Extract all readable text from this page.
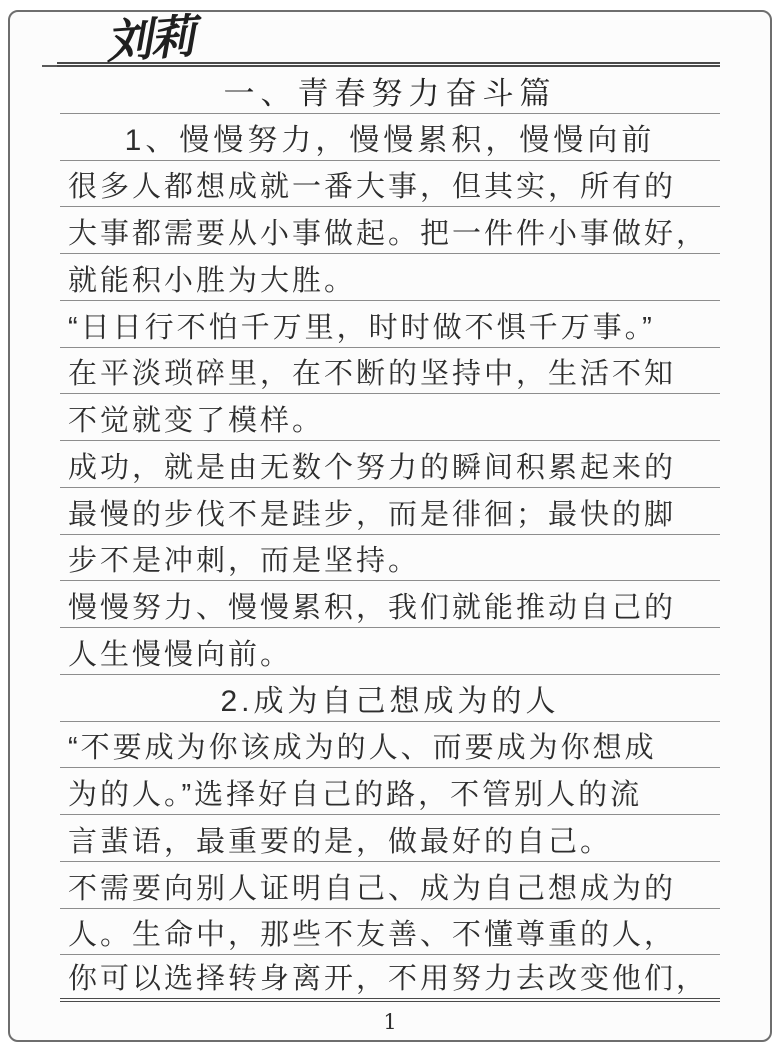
刘莉
一、青春努力奋斗篇
1、慢慢努力，慢慢累积，慢慢向前
很多人都想成就一番大事，但其实，所有的
大事都需要从小事做起。把一件件小事做好，
就能积小胜为大胜。
“日日行不怕千万里，时时做不惧千万事。”
在平淡琐碎里，在不断的坚持中，生活不知
不觉就变了模样。
成功，就是由无数个努力的瞬间积累起来的
最慢的步伐不是跬步，而是徘徊；最快的脚
步不是冲刺，而是坚持。
慢慢努力、慢慢累积，我们就能推动自己的
人生慢慢向前。
2.成为自己想成为的人
“不要成为你该成为的人、而要成为你想成
为的人。”选择好自己的路，不管别人的流
言蜚语，最重要的是，做最好的自己。
不需要向别人证明自己、成为自己想成为的
人。生命中，那些不友善、不懂尊重的人，
你可以选择转身离开，不用努力去改变他们，
1
